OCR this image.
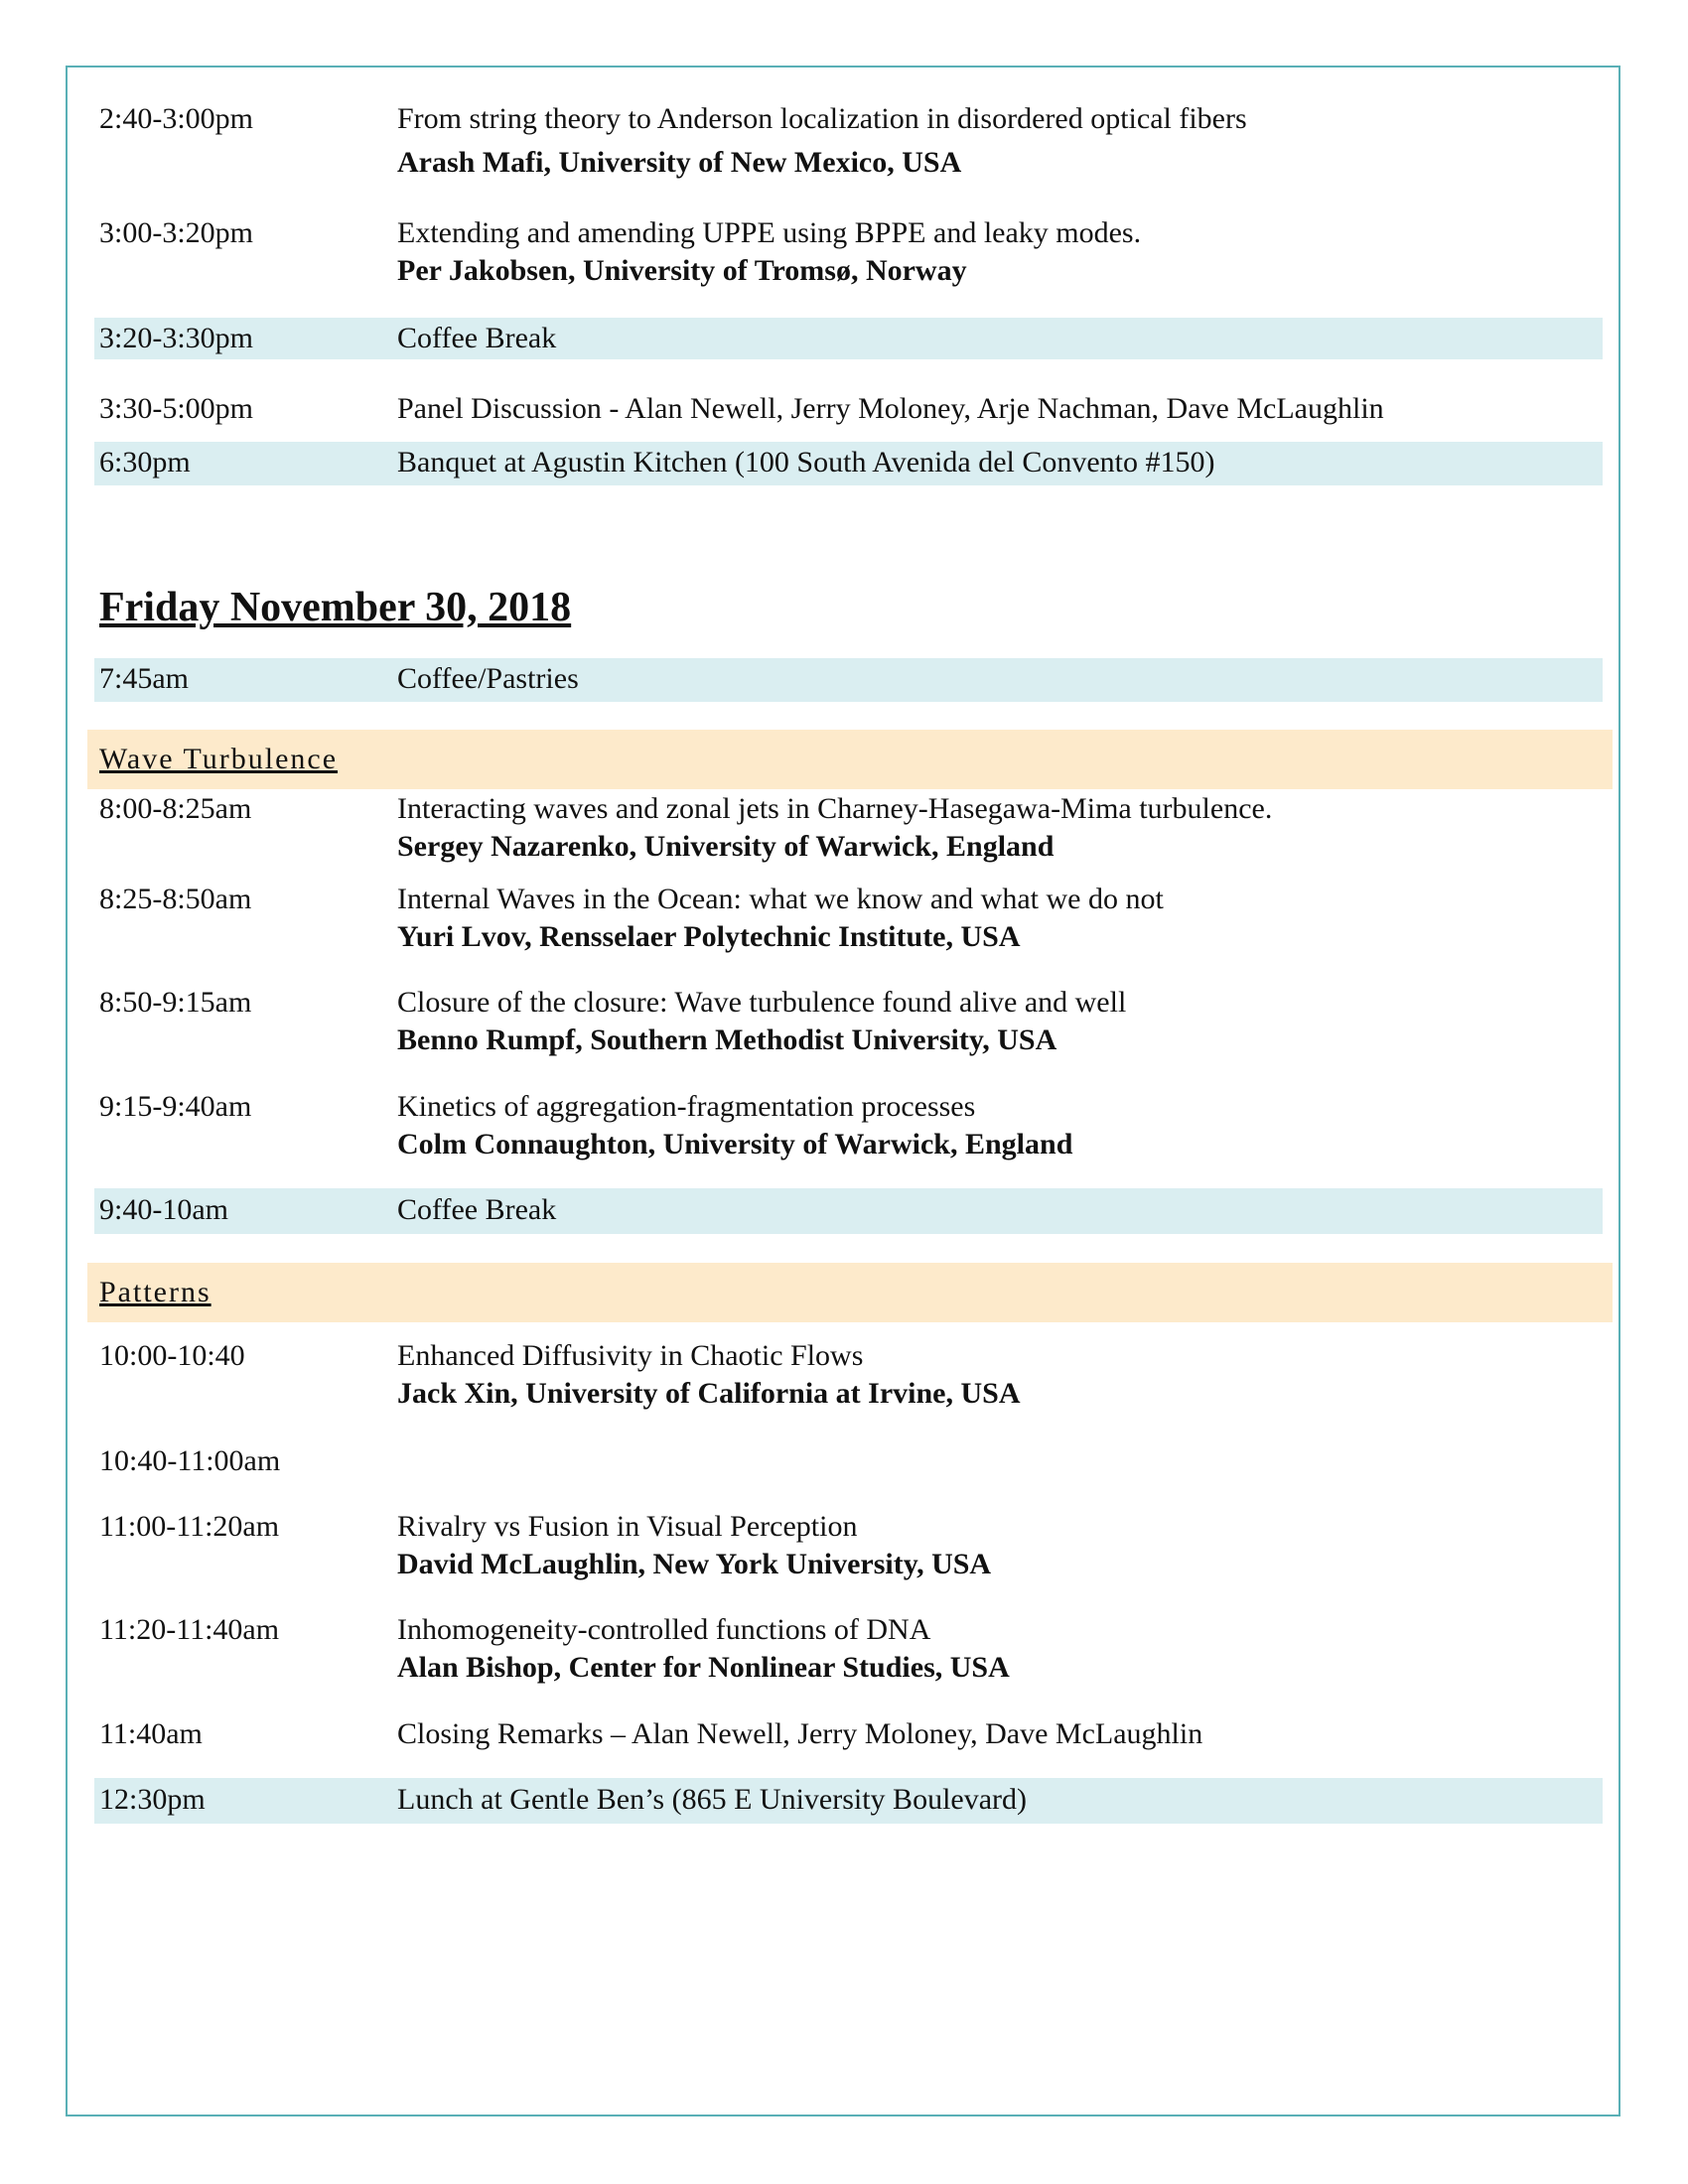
2:40-3:00pm	From string theory to Anderson localization in disordered optical fibers
Arash Mafi, University of New Mexico, USA
3:00-3:20pm	Extending and amending UPPE using BPPE and leaky modes.
Per Jakobsen, University of Tromsø, Norway
3:20-3:30pm	Coffee Break
3:30-5:00pm	Panel Discussion - Alan Newell, Jerry Moloney, Arje Nachman, Dave McLaughlin
6:30pm	Banquet at Agustin Kitchen (100 South Avenida del Convento #150)
Friday November 30, 2018
7:45am	Coffee/Pastries
Wave Turbulence
8:00-8:25am	Interacting waves and zonal jets in Charney-Hasegawa-Mima turbulence.
Sergey Nazarenko, University of Warwick, England
8:25-8:50am	Internal Waves in the Ocean: what we know and what we do not
Yuri Lvov, Rensselaer Polytechnic Institute, USA
8:50-9:15am	Closure of the closure: Wave turbulence found alive and well
Benno Rumpf, Southern Methodist University, USA
9:15-9:40am	Kinetics of aggregation-fragmentation processes
Colm Connaughton, University of Warwick, England
9:40-10am	Coffee Break
Patterns
10:00-10:40	Enhanced Diffusivity in Chaotic Flows
Jack Xin, University of California at Irvine, USA
10:40-11:00am
11:00-11:20am	Rivalry vs Fusion in Visual Perception
David McLaughlin, New York University, USA
11:20-11:40am	Inhomogeneity-controlled functions of DNA
Alan Bishop, Center for Nonlinear Studies, USA
11:40am	Closing Remarks – Alan Newell, Jerry Moloney, Dave McLaughlin
12:30pm	Lunch at Gentle Ben’s (865 E University Boulevard)
